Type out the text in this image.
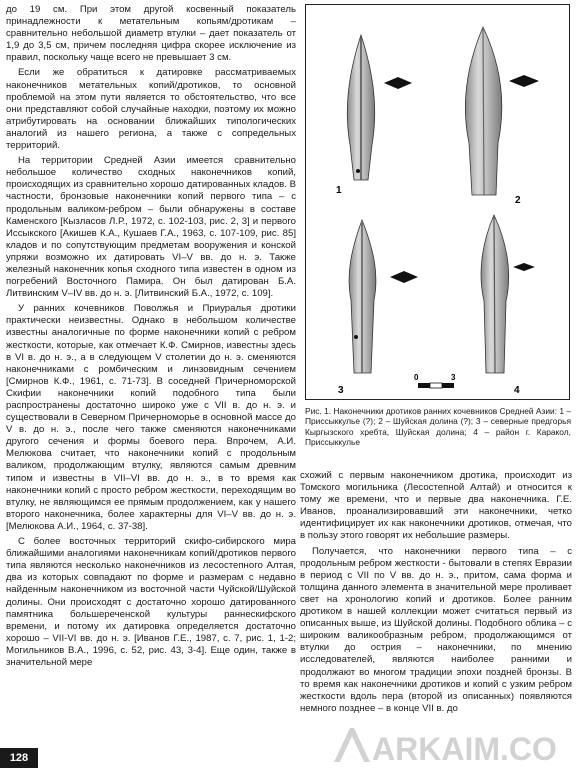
до 19 см. При этом другой косвенный показатель принадлежности к метательным копьям/дротикам – сравнительно небольшой диаметр втулки – дает показатель от 1,9 до 3,5 см, причем последняя цифра скорее исключение из правил, поскольку чаще всего не превышает 3 см.

Если же обратиться к датировке рассматриваемых наконечников метательных копий/дротиков, то основной проблемой на этом пути является то обстоятельство, что все они представляют собой случайные находки, поэтому их можно атрибутировать на основании ближайших типологических аналогий из нашего региона, а также с сопредельных территорий.

На территории Средней Азии имеется сравнительно небольшое количество сходных наконечников копий, происходящих из сравнительно хорошо датированных кладов. В частности, бронзовые наконечники копий первого типа – с продольным валиком-ребром – были обнаружены в составе Каменского [Кызласов Л.Р., 1972, с. 102-103, рис. 2, 3] и первого Иссыкского [Акишев К.А., Кушаев Г.А., 1963, с. 107-109, рис. 85] кладов и по сопутствующим предметам вооружения и конской упряжи возможно их датировать VI–V вв. до н. э. Также железный наконечник копья сходного типа известен в одном из погребений Восточного Памира. Он был датирован Б.А. Литвинским V–IV вв. до н. э. [Литвинский Б.А., 1972, с. 109].

У ранних кочевников Поволжья и Приуралья дротики практически неизвестны. Однако в небольшом количестве известны аналогичные по форме наконечники копий с ребром жесткости, которые, как отмечает К.Ф. Смирнов, известны здесь в VI в. до н. э., а в следующем V столетии до н. э. сменяются наконечниками с ромбическим и линзовидным сечением [Смирнов К.Ф., 1961, с. 71-73]. В соседней Причерноморской Скифии наконечники копий подобного типа были распространены достаточно широко уже с VII в. до н. э. и существовали в Северном Причерноморье в основной массе до V в. до н. э., после чего также сменяются наконечниками другого сечения и формы боевого пера. Впрочем, А.И. Мелюкова считает, что наконечники копий с продольным валиком, продолжающим втулку, являются самым древним типом и известны в VII–VI вв. до н. э., в то время как наконечники копий с просто ребром жесткости, переходящим во втулку, не являющимся ее прямым продолжением, как у нашего второго наконечника, более характерны для VI–V вв. до н. э. [Мелюкова А.И., 1964, с. 37-38].

С более восточных территорий скифо-сибирского мира ближайшими аналогиями наконечникам копий/дротиков первого типа являются несколько наконечников из лесостепного Алтая, два из которых совпадают по форме и размерам с недавно найденным наконечником из восточной части Чуйской/Шуйской долины. Они происходят с достаточно хорошо датированного памятника большереченской культуры раннескифского времени, и потому их датировка определяется достаточно хорошо – VII-VI вв. до н. э. [Иванов Г.Е., 1987, с. 7, рис. 1, 1-2; Могильников В.А., 1996, с. 52, рис. 43, 3-4]. Еще один, также в значительной мере

1
2
3	4
0	3

Рис. 1. Наконечники дротиков ранних кочевников Средней Азии: 1 – Приссыккулье (?); 2 – Шуйская долина (?); 3 – северные предгорья Кыргызского хребта, Шуйская долина; 4 – район г. Каракол, Приссыккулье

схожий с первым наконечником дротика, происходит из Томского могильника (Лесостепной Алтай) и относится к тому же времени, что и первые два наконечника. Г.Е. Иванов, проанализировавший эти наконечники, четко идентифицирует их как наконечники дротиков, отмечая, что в пользу этого говорят их небольшие размеры.

Получается, что наконечники первого типа – с продольным ребром жесткости - бытовали в степях Евразии в период с VII по V вв. до н. э., притом, сама форма и толщина данного элемента в значительной мере проливает свет на хронологию копий и дротиков. Более ранним дротиком в нашей коллекции может считаться первый из описанных выше, из Шуйской долины. Подобного облика – с широким валикообразным ребром, продолжающимся от втулки до острия – наконечники, по мнению исследователей, являются наиболее ранними и продолжают во многом традиции эпохи поздней бронзы. В то время как наконечники дротиков и копий с узким ребром жесткости вдоль пера (второй из описанных) появляются немного позднее – в конце VII в. до

128	ARKAIM.CO
